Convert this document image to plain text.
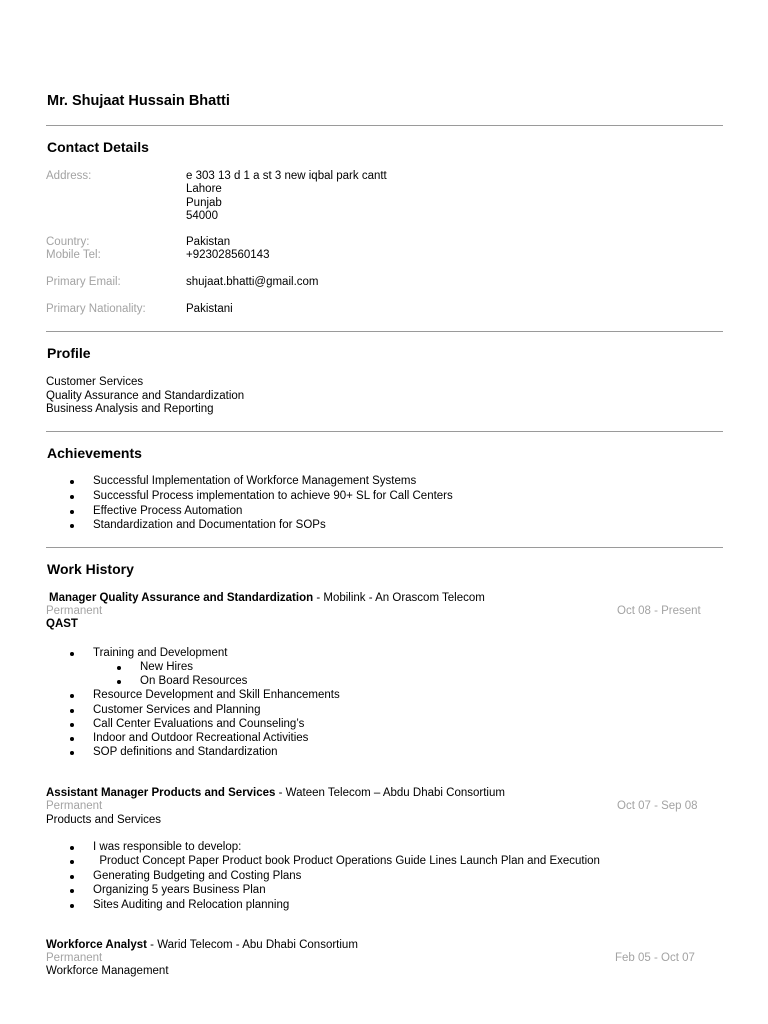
Mr. Shujaat Hussain Bhatti
Contact Details
Address:	e 303 13 d 1 a st 3 new iqbal park cantt
Lahore
Punjab
54000
Country:	Pakistan
Mobile Tel:	+923028560143
Primary Email:	shujaat.bhatti@gmail.com
Primary Nationality:	Pakistani
Profile
Customer Services
Quality Assurance and Standardization
Business Analysis and Reporting
Achievements
Successful Implementation of Workforce Management Systems
Successful Process implementation to achieve 90+ SL for Call Centers
Effective Process Automation
Standardization and Documentation for SOPs
Work History
Manager Quality Assurance and Standardization - Mobilink - An Orascom Telecom
Permanent	Oct 08 - Present
QAST
Training and Development
New Hires
On Board Resources
Resource Development and Skill Enhancements
Customer Services and Planning
Call Center Evaluations and Counseling’s
Indoor and Outdoor Recreational Activities
SOP definitions and Standardization
Assistant Manager Products and Services - Wateen Telecom – Abdu Dhabi Consortium
Permanent	Oct 07 - Sep 08
Products and Services
I was responsible to develop:
Product Concept Paper Product book Product Operations Guide Lines Launch Plan and Execution
Generating Budgeting and Costing Plans
Organizing 5 years Business Plan
Sites Auditing and Relocation planning
Workforce Analyst - Warid Telecom - Abu Dhabi Consortium
Permanent	Feb 05 - Oct 07
Workforce Management
